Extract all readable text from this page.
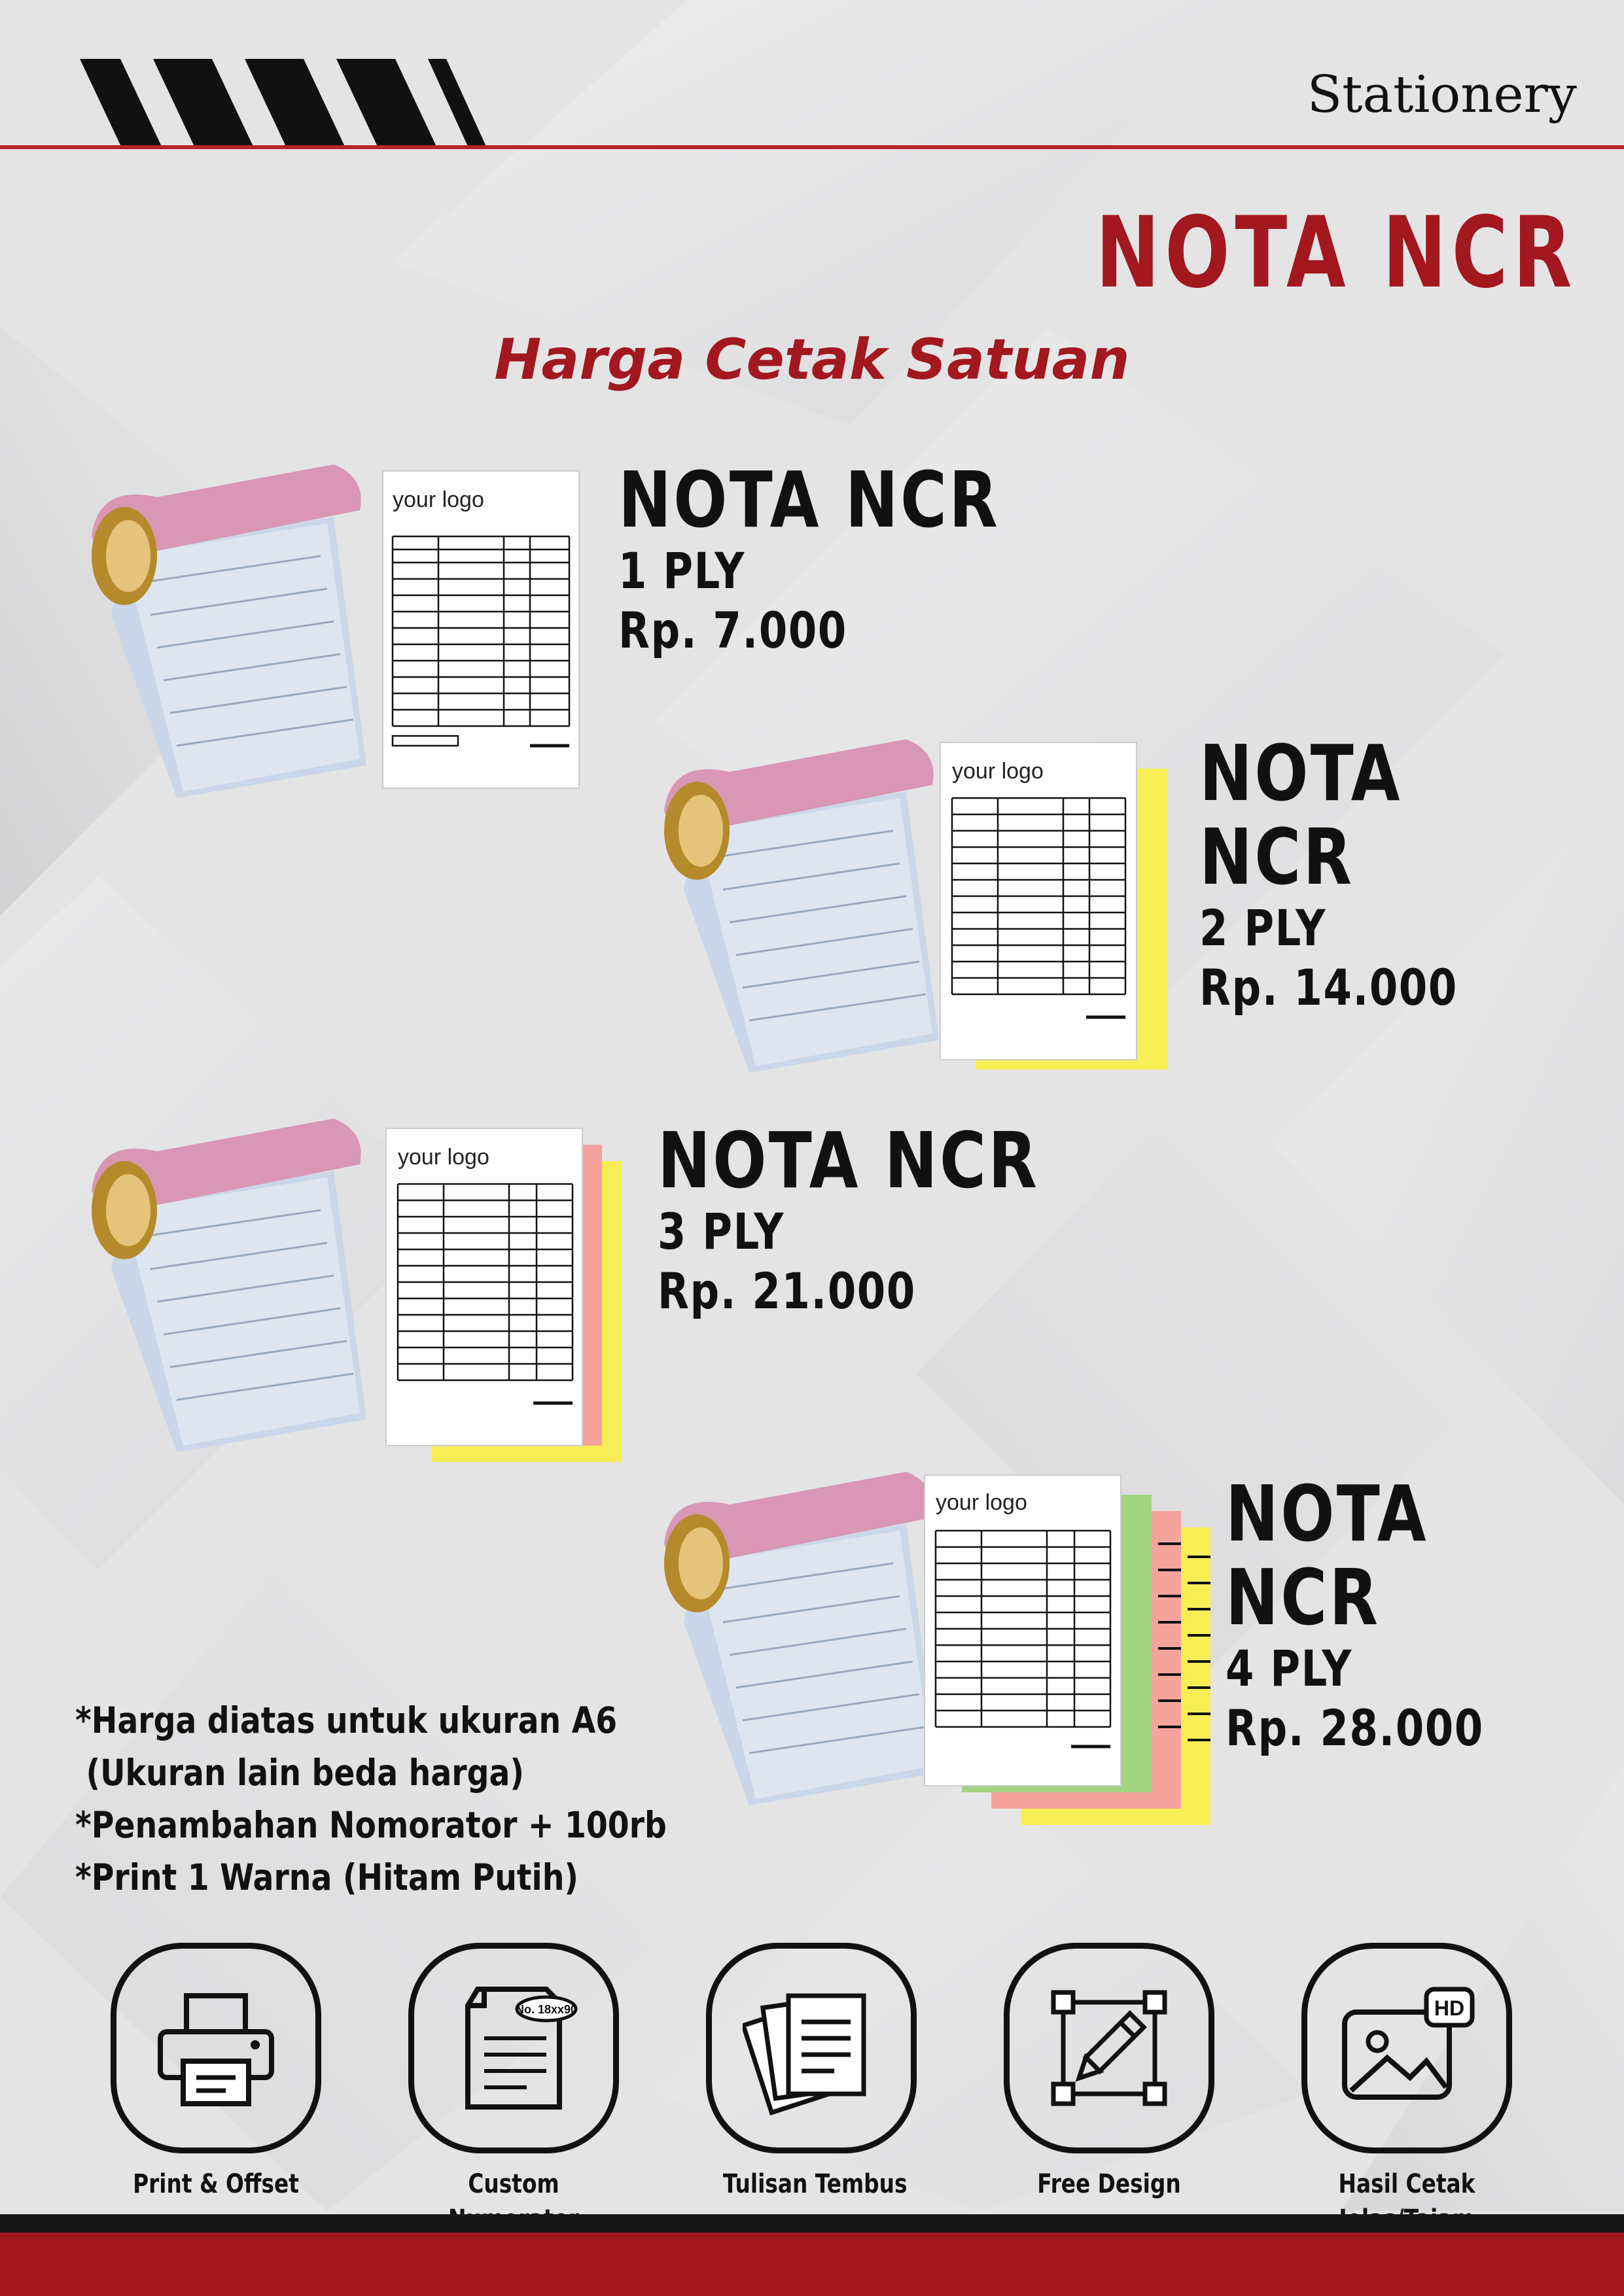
Stationery
NOTA NCR
Harga Cetak Satuan
your logo
your logo
your logo
your logo
NOTA NCR
1 PLY
Rp. 7.000
NOTA NCR
2 PLY
Rp. 14.000
NOTA NCR
3 PLY
Rp. 21.000
NOTA NCR
4 PLY
Rp. 28.000
*Harga diatas untuk ukuran A6
(Ukuran lain beda harga)
*Penambahan Nomorator + 100rb
*Print 1 Warna (Hitam Putih)
Print & Offset
No. 18xx90
Custom	Tulisan Tembus	Free Design
HD
Hasil Cetak
